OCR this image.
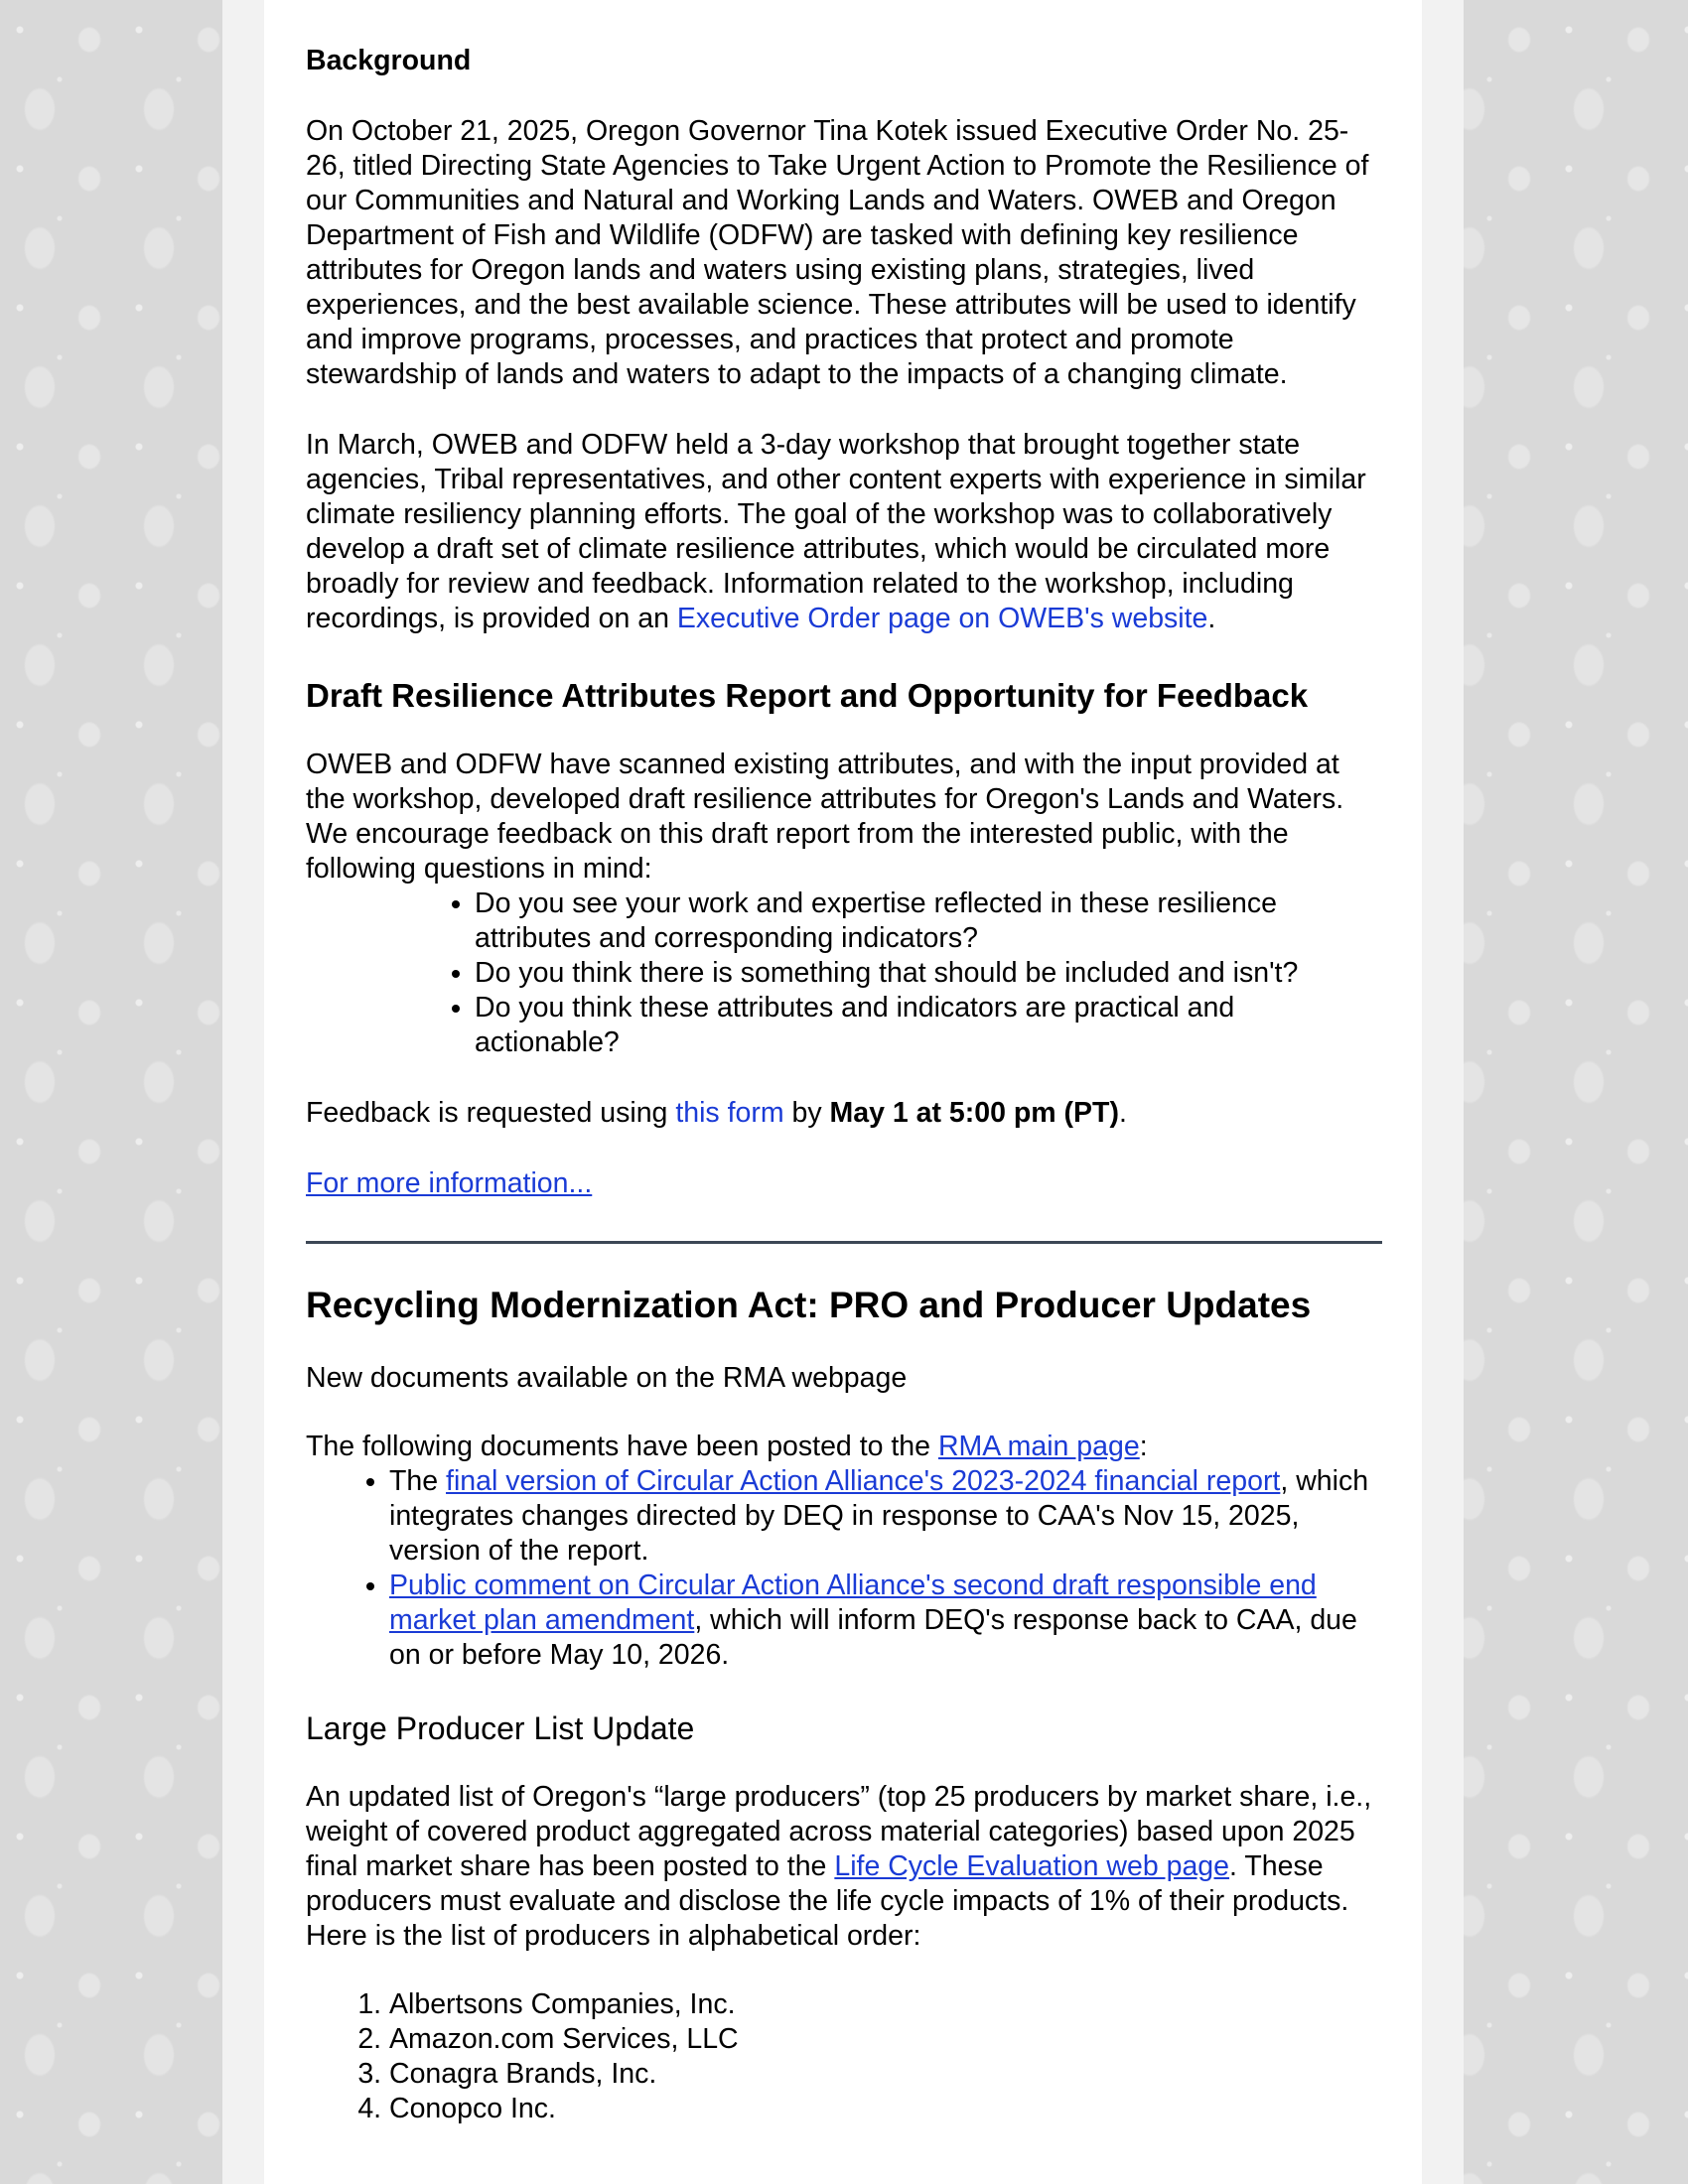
Background

On October 21, 2025, Oregon Governor Tina Kotek issued Executive Order No. 25-26, titled Directing State Agencies to Take Urgent Action to Promote the Resilience of our Communities and Natural and Working Lands and Waters. OWEB and Oregon Department of Fish and Wildlife (ODFW) are tasked with defining key resilience attributes for Oregon lands and waters using existing plans, strategies, lived experiences, and the best available science. These attributes will be used to identify and improve programs, processes, and practices that protect and promote stewardship of lands and waters to adapt to the impacts of a changing climate.

In March, OWEB and ODFW held a 3-day workshop that brought together state agencies, Tribal representatives, and other content experts with experience in similar climate resiliency planning efforts. The goal of the workshop was to collaboratively develop a draft set of climate resilience attributes, which would be circulated more broadly for review and feedback. Information related to the workshop, including recordings, is provided on an Executive Order page on OWEB's website.

Draft Resilience Attributes Report and Opportunity for Feedback

OWEB and ODFW have scanned existing attributes, and with the input provided at the workshop, developed draft resilience attributes for Oregon's Lands and Waters. We encourage feedback on this draft report from the interested public, with the following questions in mind:

• Do you see your work and expertise reflected in these resilience attributes and corresponding indicators?
• Do you think there is something that should be included and isn't?
• Do you think these attributes and indicators are practical and actionable?

Feedback is requested using this form by May 1 at 5:00 pm (PT).

For more information...

Recycling Modernization Act: PRO and Producer Updates

New documents available on the RMA webpage

The following documents have been posted to the RMA main page:

• The final version of Circular Action Alliance's 2023-2024 financial report, which integrates changes directed by DEQ in response to CAA's Nov 15, 2025, version of the report.
• Public comment on Circular Action Alliance's second draft responsible end market plan amendment, which will inform DEQ's response back to CAA, due on or before May 10, 2026.

Large Producer List Update

An updated list of Oregon's “large producers” (top 25 producers by market share, i.e., weight of covered product aggregated across material categories) based upon 2025 final market share has been posted to the Life Cycle Evaluation web page. These producers must evaluate and disclose the life cycle impacts of 1% of their products. Here is the list of producers in alphabetical order:

1. Albertsons Companies, Inc.
2. Amazon.com Services, LLC
3. Conagra Brands, Inc.
4. Conopco Inc.
